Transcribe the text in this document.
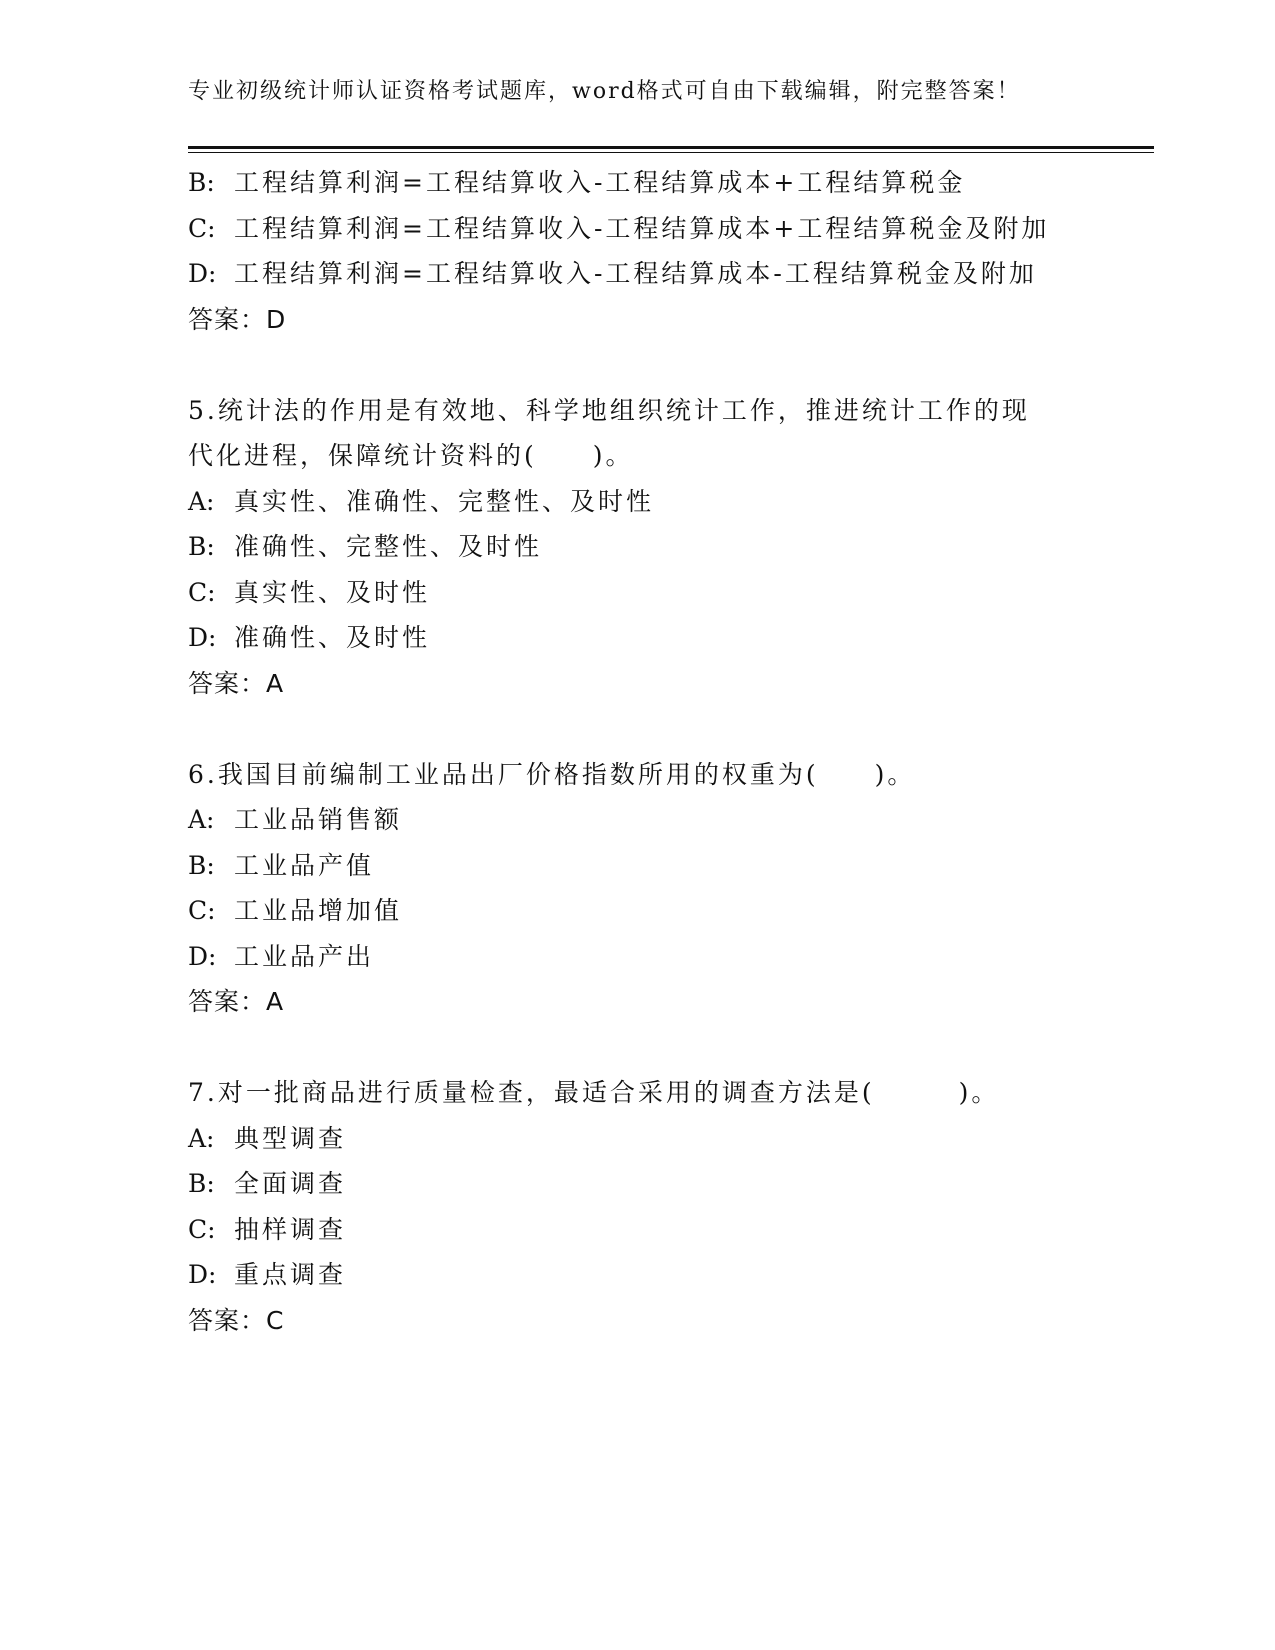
专业初级统计师认证资格考试题库，word格式可自由下载编辑，附完整答案！
B: 工程结算利润=工程结算收入-工程结算成本+工程结算税金
C: 工程结算利润=工程结算收入-工程结算成本+工程结算税金及附加
D: 工程结算利润=工程结算收入-工程结算成本-工程结算税金及附加
答案：D
5.统计法的作用是有效地、科学地组织统计工作，推进统计工作的现
代化进程，保障统计资料的(　　)。
A: 真实性、准确性、完整性、及时性
B: 准确性、完整性、及时性
C: 真实性、及时性
D: 准确性、及时性
答案：A
6.我国目前编制工业品出厂价格指数所用的权重为(　　)。
A: 工业品销售额
B: 工业品产值
C: 工业品增加值
D: 工业品产出
答案：A
7.对一批商品进行质量检查，最适合采用的调查方法是(　　　)。
A: 典型调查
B: 全面调查
C: 抽样调查
D: 重点调查
答案：C
